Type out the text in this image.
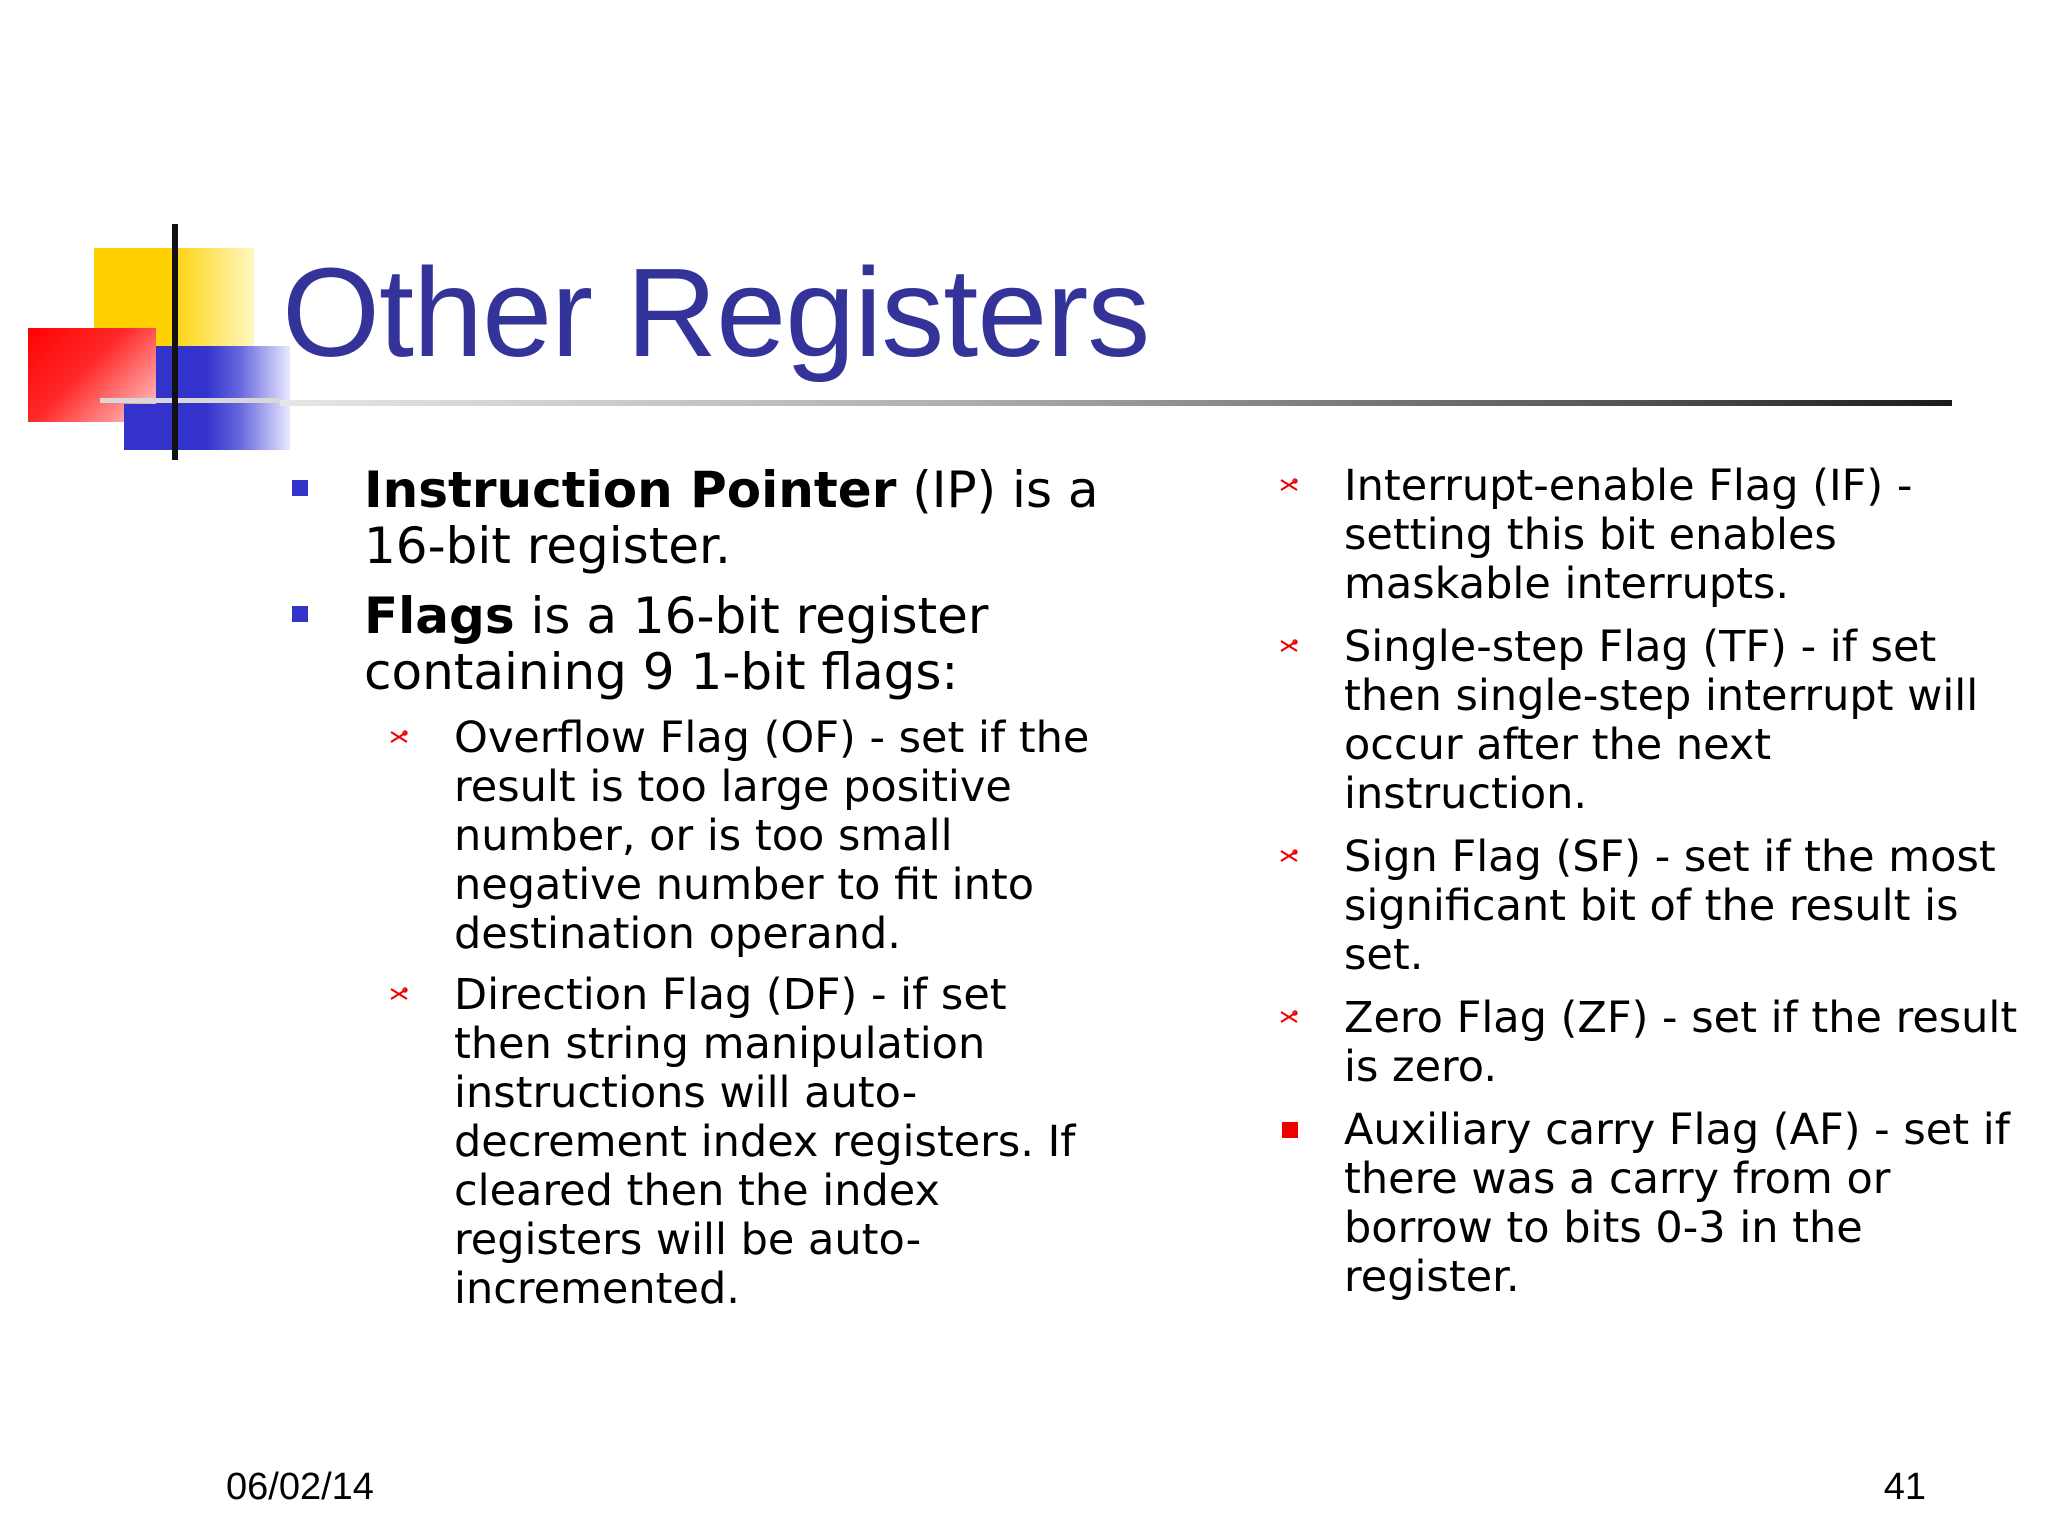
Other Registers
Instruction Pointer (IP) is a 16-bit register.
Flags is a 16-bit register containing 9 1-bit flags:
Overflow Flag (OF) - set if the result is too large positive number, or is too small negative number to fit into destination operand.
Direction Flag (DF) - if set then string manipulation instructions will auto-decrement index registers. If cleared then the index registers will be auto-incremented.
Interrupt-enable Flag (IF) - setting this bit enables maskable interrupts.
Single-step Flag (TF) - if set then single-step interrupt will occur after the next instruction.
Sign Flag (SF) - set if the most significant bit of the result is set.
Zero Flag (ZF) - set if the result is zero.
Auxiliary carry Flag (AF) - set if there was a carry from or borrow to bits 0-3 in the register.
06/02/14	41
